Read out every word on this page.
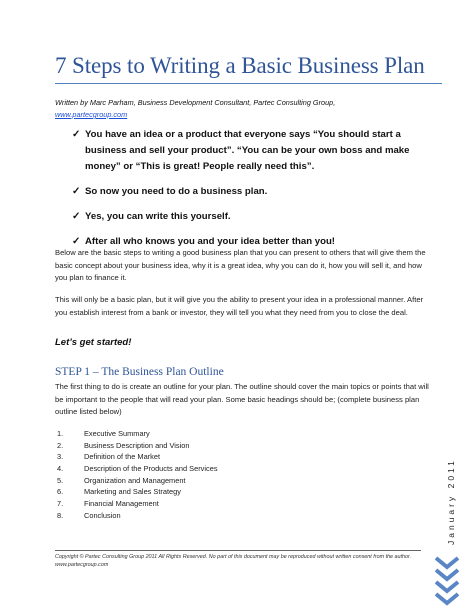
7 Steps to Writing a Basic Business Plan
Written by Marc Parham, Business Development Consultant, Partec Consulting Group,
www.partecgroup.com
✓ You have an idea or a product that everyone says “You should start a business and sell your product”. “You can be your own boss and make money” or “This is great! People really need this”.
✓ So now you need to do a business plan.
✓ Yes, you can write this yourself.
✓ After all who knows you and your idea better than you!

Below are the basic steps to writing a good business plan that you can present to others that will give them the basic concept about your business idea, why it is a great idea, why you can do it, how you will sell it, and how you plan to finance it.

This will only be a basic plan, but it will give you the ability to present your idea in a professional manner. After you establish interest from a bank or investor, they will tell you what they need from you to close the deal.

Let’s get started!
STEP 1 – The Business Plan Outline

The first thing to do is create an outline for your plan. The outline should cover the main topics or points that will be important to the people that will read your plan. Some basic headings should be; (complete business plan outline listed below)

1.	Executive Summary
2.	Business Description and Vision
3.	Definition of the Market
4.	Description of the Products and Services
5.	Organization and Management
6.	Marketing and Sales Strategy
7.	Financial Management
8.	Conclusion	January 2011
Copyright © Partec Consulting Group 2011 All Rights Reserved. No part of this document may be reproduced without written consent from the author. www.partecgroup.com
